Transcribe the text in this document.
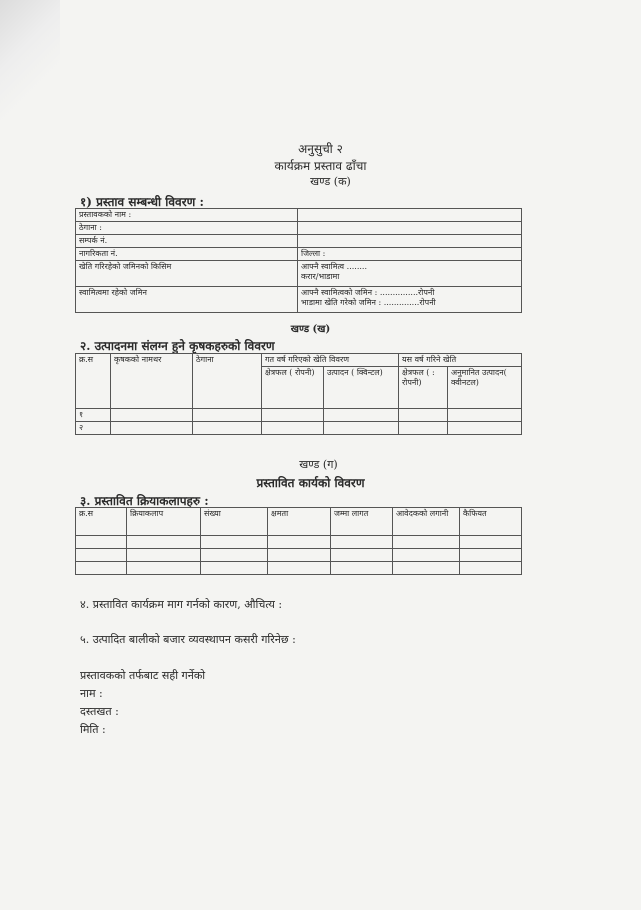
अनुसुची २
कार्यक्रम प्रस्ताव ढाँचा
खण्ड (क)
१) प्रस्ताव सम्बन्धी विवरण :
प्रस्तावकको नाम :	
ठेगाना :	
सम्पर्क नं.	
नागरिकता नं.	जिल्ला :
खेति गरिरहेको जमिनको किसिम	आफ्नै स्वामित्व ........
करार/भाडामा

स्वामित्वमा रहेको जमिन	आफ्नै स्वामित्वको जमिन : ...............रोपनी
भाडामा खेति गरेको जमिन : ..............रोपनी
खण्ड (ख)
२. उत्पादनमा संलग्न हुने कृषकहरुको विवरण
क्र.स	कृषकको नामथर	ठेगाना	गत वर्ष गरिएको खेति विवरण		यस वर्ष गरिने खेति	
			क्षेत्रफल ( रोपनी)	उत्पादन ( क्विन्टल)	क्षेत्रफल ( : रोपनी)	अनुमानित उत्पादन( क्वीनटल)
१						
२						
खण्ड (ग)
प्रस्तावित कार्यको विवरण
३. प्रस्तावित क्रियाकलापहरु :
क्र.स	क्रियाकलाप	संख्या	क्षमता	जम्मा लागत	आवेदकको लगानी	कैफियत

४. प्रस्तावित कार्यक्रम माग गर्नको कारण, औचित्य :
५. उत्पादित बालीको बजार व्यवस्थापन कसरी गरिनेछ :
प्रस्तावकको तर्फबाट सही गर्नेको
नाम :
दस्तखत :
मिति :
